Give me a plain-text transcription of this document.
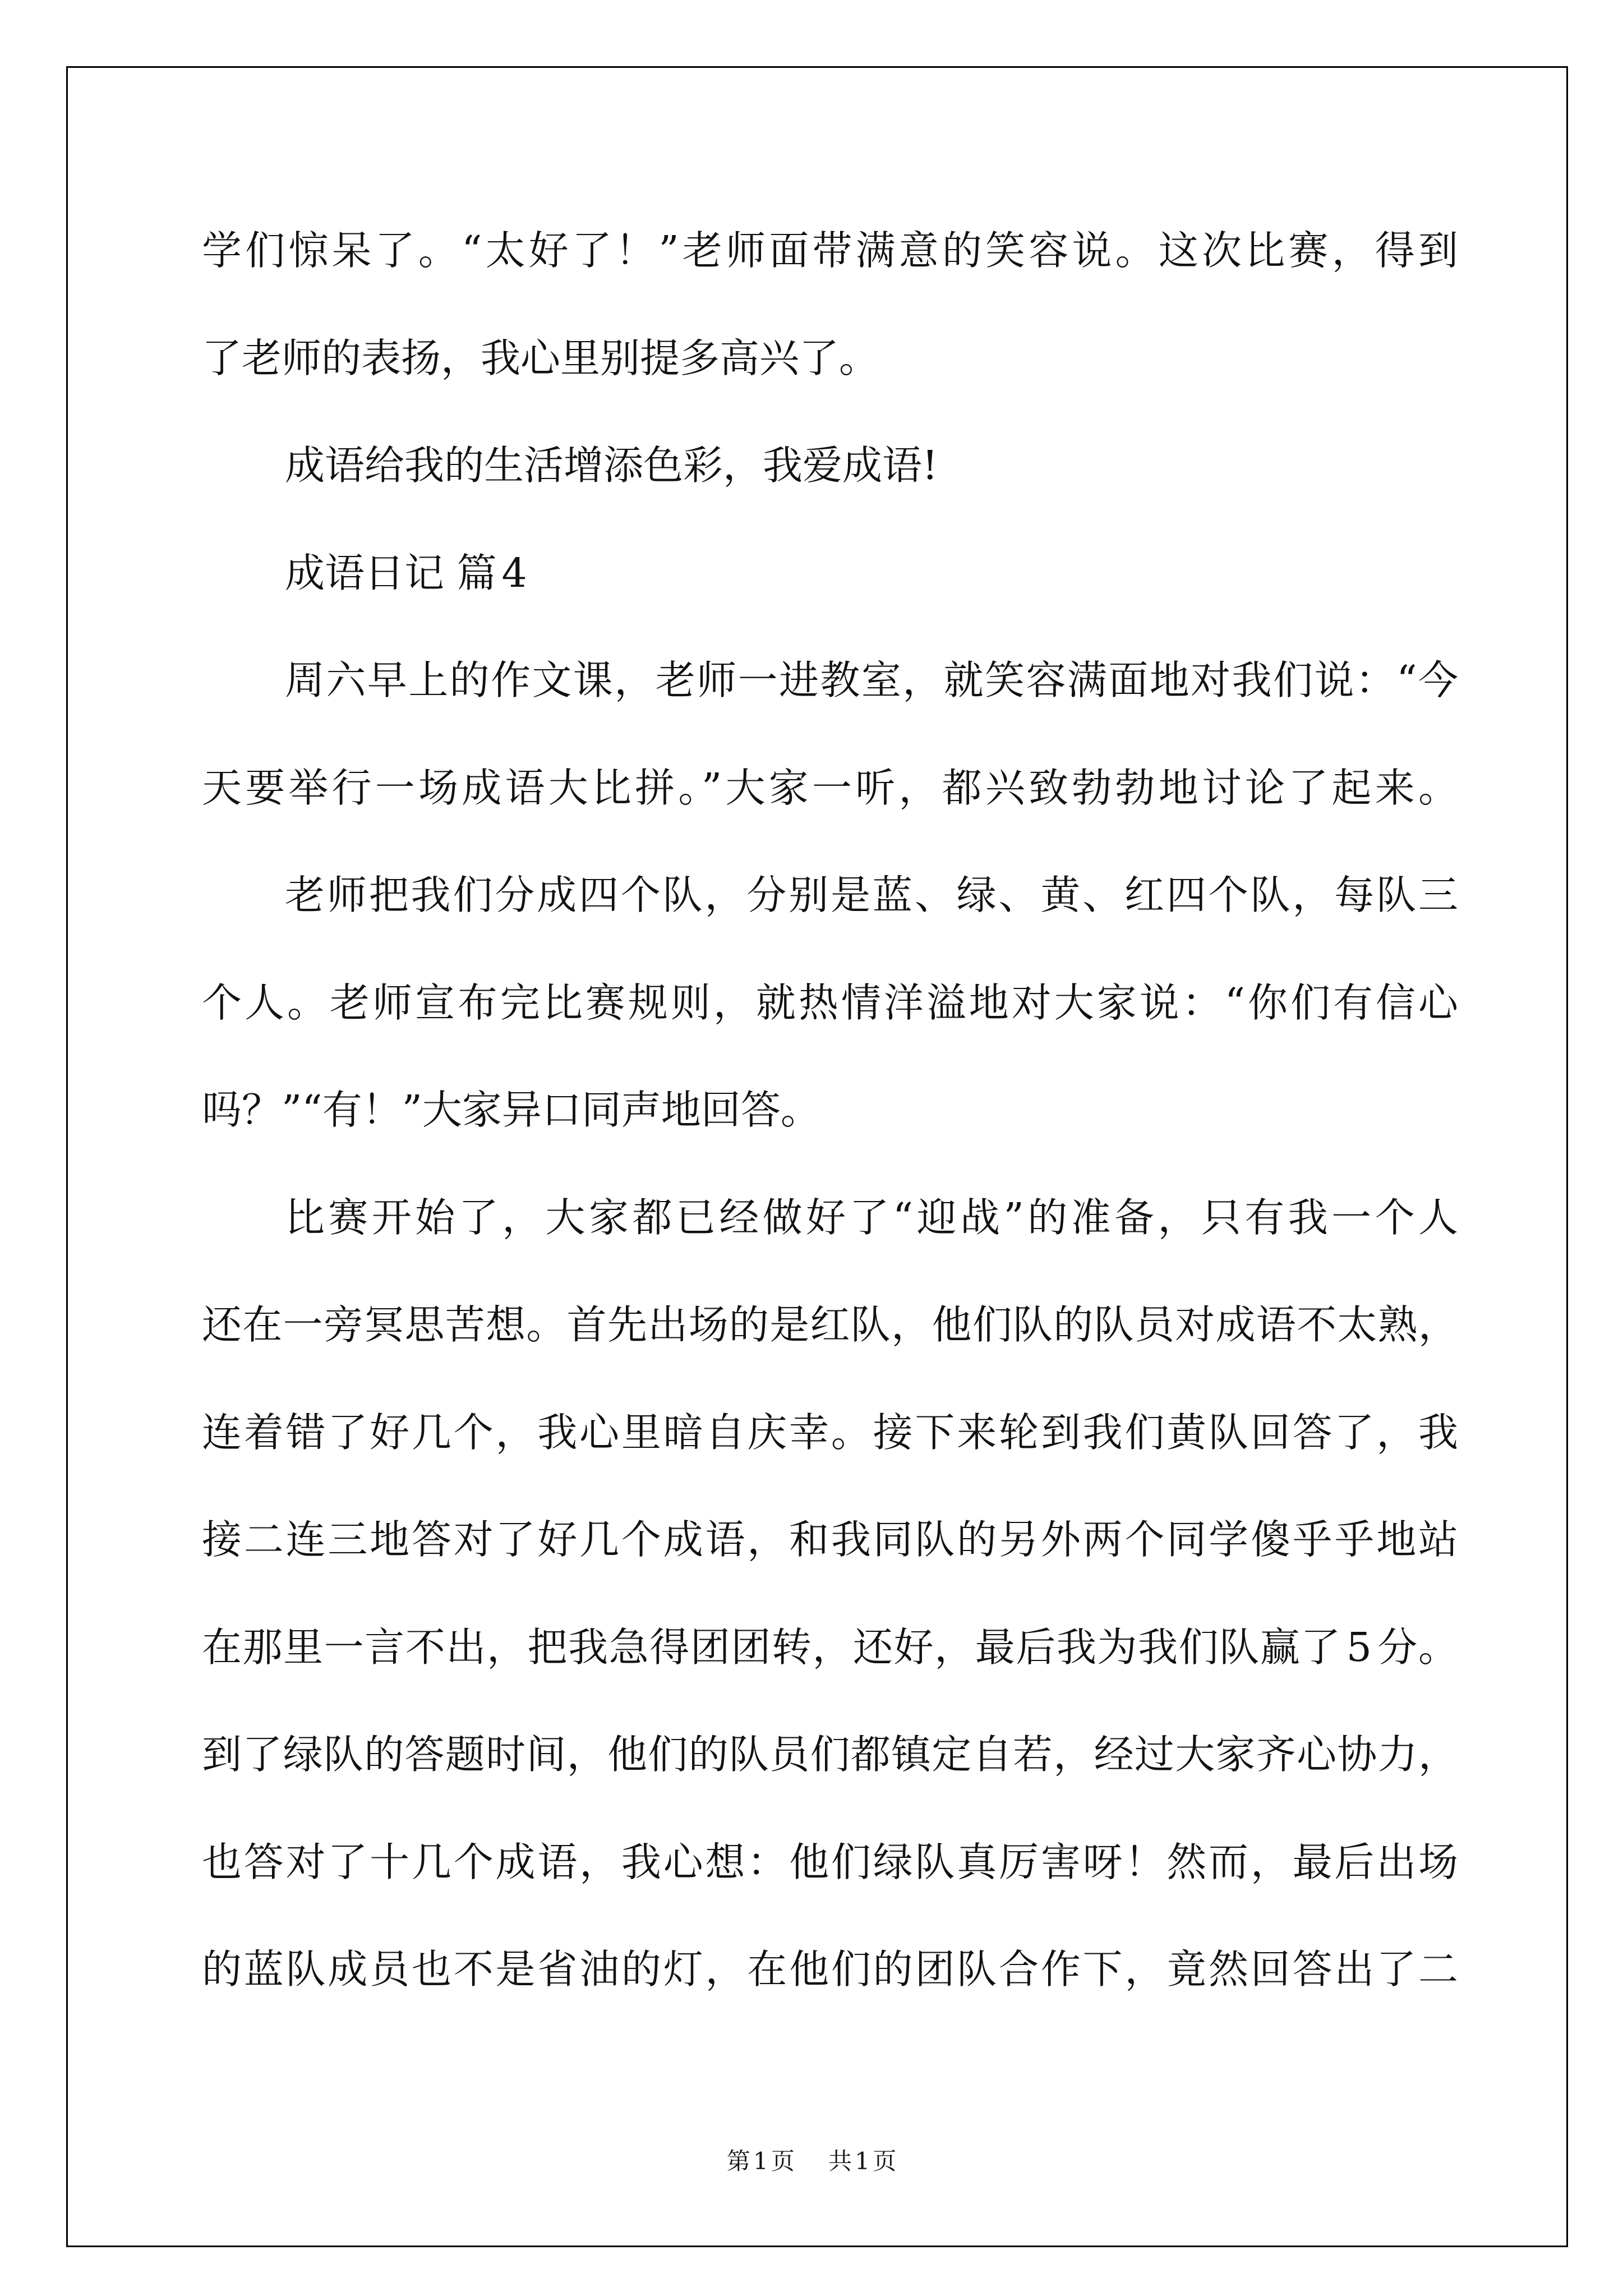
学们惊呆了。“太好了！”老师面带满意的笑容说。这次比赛，得到
了老师的表扬，我心里别提多高兴了。
成语给我的生活增添色彩，我爱成语!
成语日记 篇4
周六早上的作文课，老师一进教室，就笑容满面地对我们说：“今
天要举行一场成语大比拼。”大家一听，都兴致勃勃地讨论了起来。
老师把我们分成四个队，分别是蓝、绿、黄、红四个队，每队三
个人。老师宣布完比赛规则，就热情洋溢地对大家说：“你们有信心
吗？”“有！”大家异口同声地回答。
比赛开始了，大家都已经做好了“迎战”的准备，只有我一个人
还在一旁冥思苦想。首先出场的是红队，他们队的队员对成语不太熟，
连着错了好几个，我心里暗自庆幸。接下来轮到我们黄队回答了，我
接二连三地答对了好几个成语，和我同队的另外两个同学傻乎乎地站
在那里一言不出，把我急得团团转，还好，最后我为我们队赢了5分。
到了绿队的答题时间，他们的队员们都镇定自若，经过大家齐心协力，
也答对了十几个成语，我心想：他们绿队真厉害呀！然而，最后出场
的蓝队成员也不是省油的灯，在他们的团队合作下，竟然回答出了二
第1页 共1页
